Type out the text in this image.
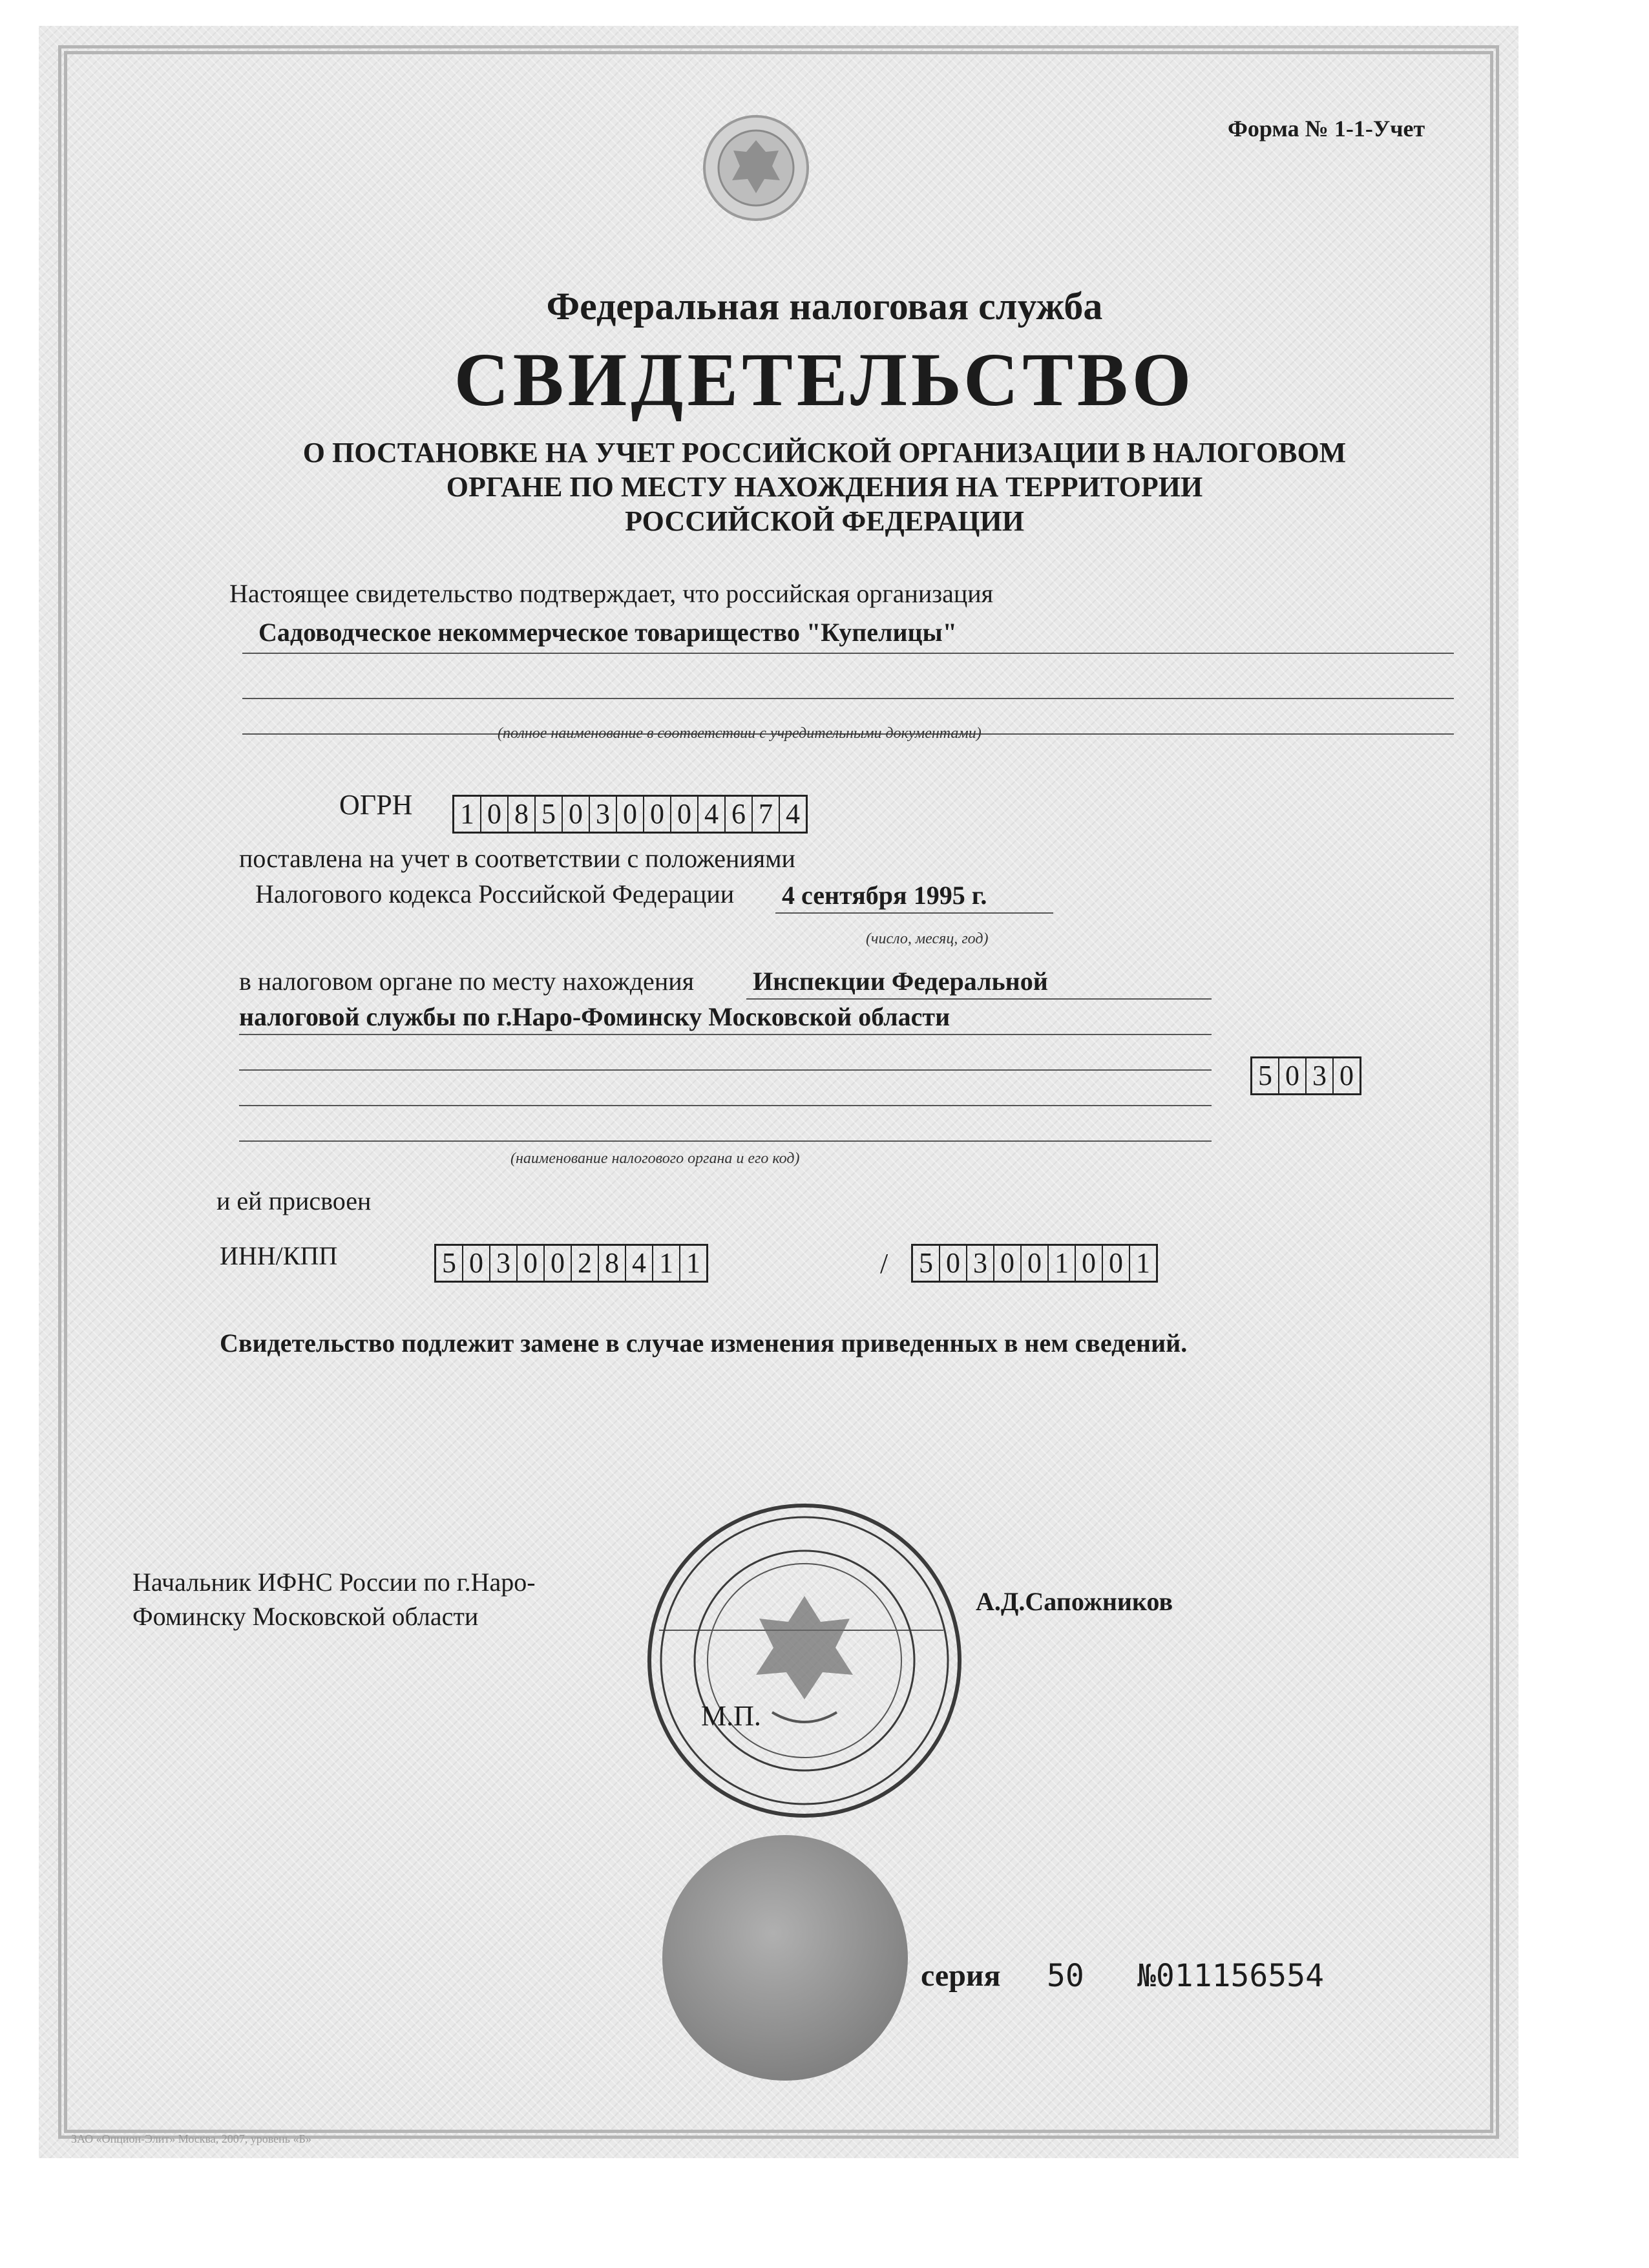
Форма № 1-1-Учет
Федеральная налоговая служба
СВИДЕТЕЛЬСТВО
О ПОСТАНОВКЕ НА УЧЕТ РОССИЙСКОЙ ОРГАНИЗАЦИИ В НАЛОГОВОМ
ОРГАНЕ ПО МЕСТУ НАХОЖДЕНИЯ НА ТЕРРИТОРИИ
РОССИЙСКОЙ ФЕДЕРАЦИИ
Настоящее свидетельство подтверждает, что российская организация
Садоводческое некоммерческое товарищество "Купелицы"
(полное наименование в соответствии с учредительными документами)
ОГРН 1 0 8 5 0 3 0 0 0 4 6 7 4
поставлена на учет в соответствии с положениями
Налогового кодекса Российской Федерации 4 сентября 1995 г.
(число, месяц, год)
в налоговом органе по месту нахождения Инспекции Федеральной
налоговой службы по г.Наро-Фоминску Московской области
5 0 3 0
(наименование налогового органа и его код)
и ей присвоен
ИНН/КПП	5 0 3 0 0 2 8 4 1 1	/ 5 0 3 0 0 1 0 0 1
Свидетельство подлежит замене в случае изменения приведенных в нем сведений.
Начальник ИФНС России по г.Наро-
Фоминску Московской области
М.П.
А.Д.Сапожников
серия 50 №011156554
ЗАО «Опцион-Элит» Москва, 2007, уровень «Б»
